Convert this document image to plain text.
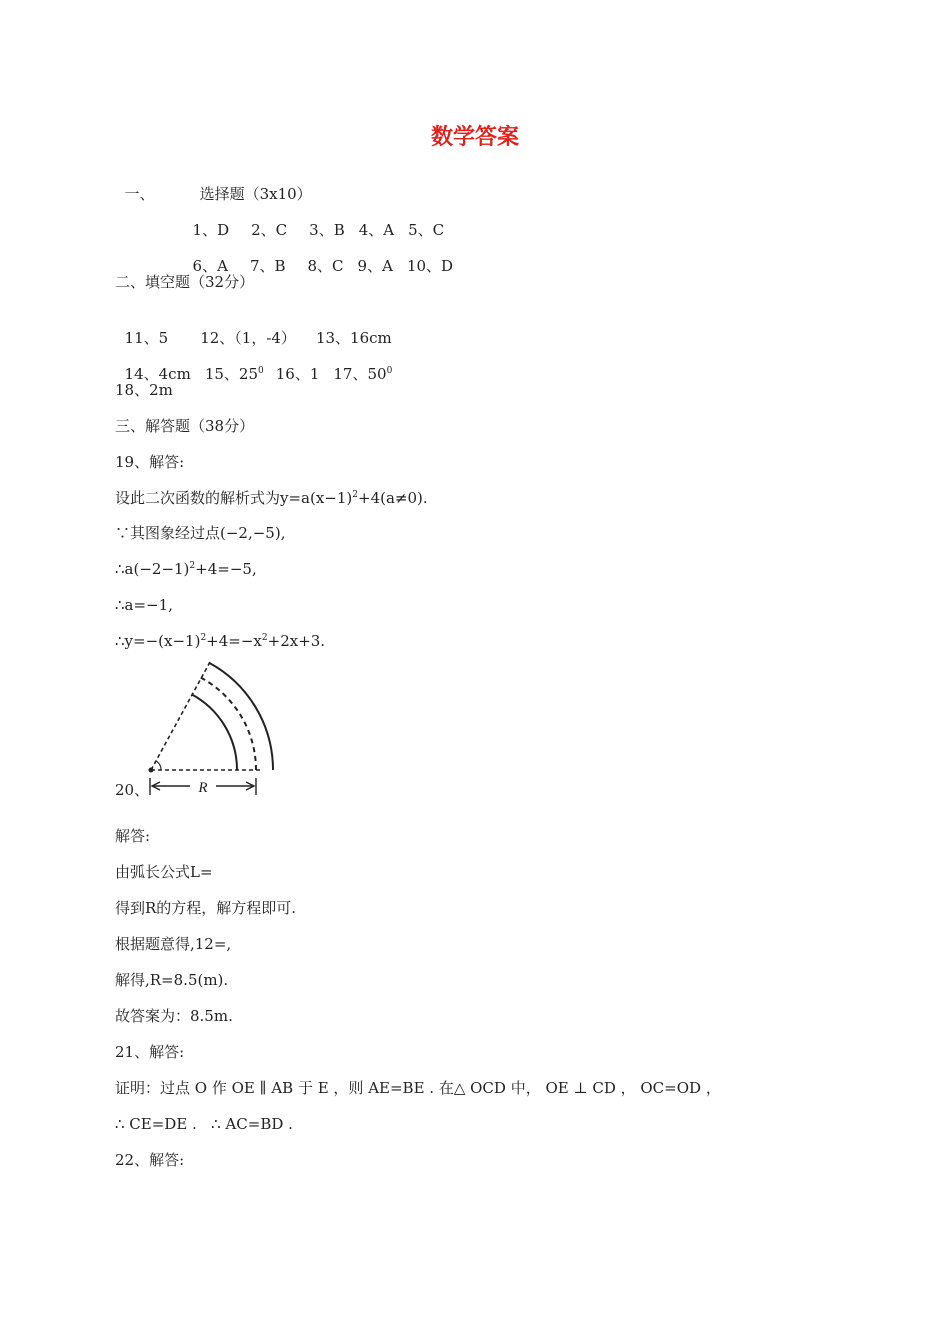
数学答案

一、	选择题（3x10）

1、D 2、C 3、B 4、A 5、C

6、A 7、B 8、C 9、A 10、D

二、填空题（32分）

11、5 12、（1，-4） 13、16cm

14、4cm 15、$25^0$ 16、1 17、$50^0$

18、2m
三、解答题（38分）
19、解答:
设此二次函数的解析式为$y=a(x-1)^2+4(a\ne 0)$.
∵其图象经过点(−2,−5),
$\therefore a(-2-1)^2+4=-5$,
∴a=−1,
$\therefore y=-(x-1)^2+4=-x^2+2x+3$.
R
20、
解答:
由弧长公式L=
得到R的方程，解方程即可.
根据题意得,12=,
解得,R=8.5(m).
故答案为：8.5m.
21、解答:
证明：过点 O 作 OE ∥ AB 于 E ，则 AE=BE . 在△ OCD 中， OE ⊥ CD ， OC=OD ，
∴ CE=DE .   ∴ AC=BD .
22、解答:
